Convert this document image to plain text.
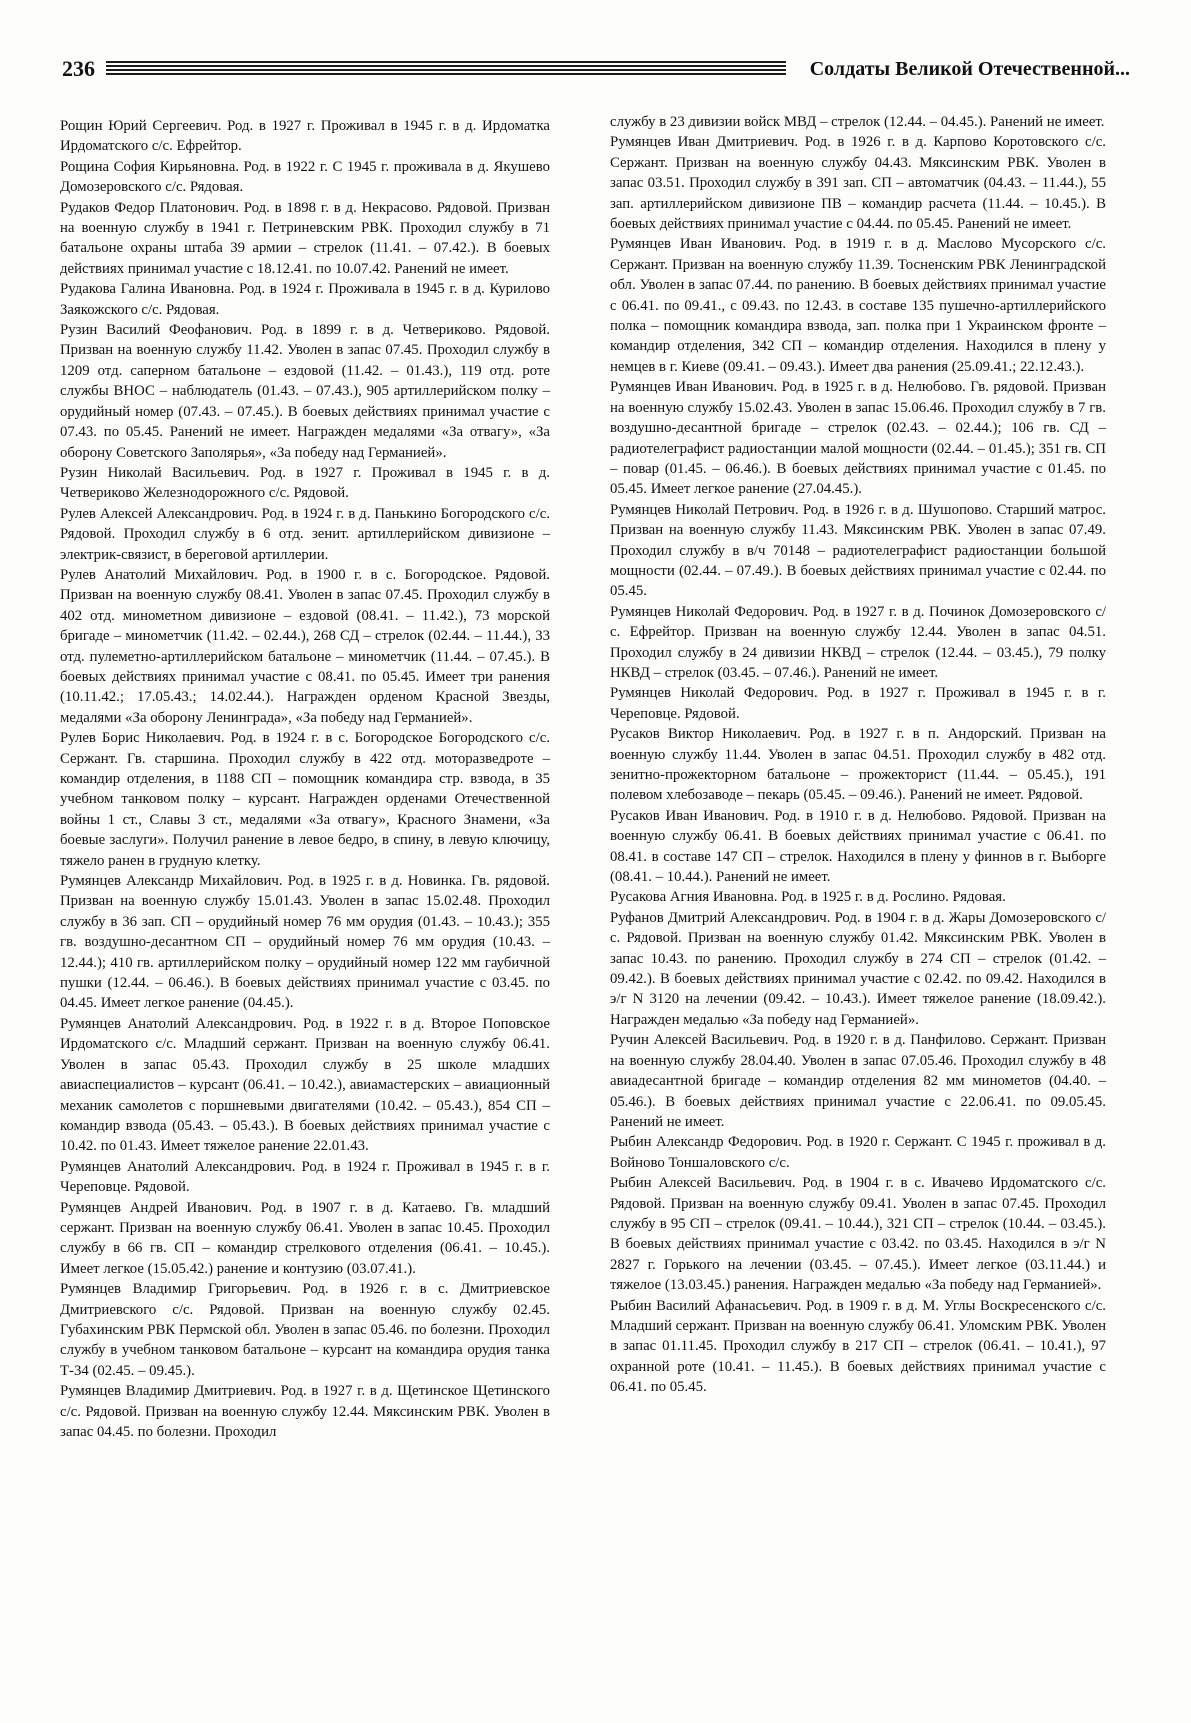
236	Солдаты Великой Отечественной...

Рощин Юрий Сергеевич. Род. в 1927 г. Проживал в 1945 г. в д. Ирдоматка Ирдоматского с/с. Ефрейтор.

Рощина София Кирьяновна. Род. в 1922 г. С 1945 г. проживала в д. Якушево Домозеровского с/с. Рядовая.

Рудаков Федор Платонович. Род. в 1898 г. в д. Некрасово. Рядовой. Призван на военную службу в 1941 г. Петриневским РВК. Проходил службу в 71 батальоне охраны штаба 39 армии – стрелок (11.41. – 07.42.). В боевых действиях принимал участие с 18.12.41. по 10.07.42. Ранений не имеет.

Рудакова Галина Ивановна. Род. в 1924 г. Проживала в 1945 г. в д. Курилово Заякожского с/с. Рядовая.

Рузин Василий Феофанович. Род. в 1899 г. в д. Четвериково. Рядовой. Призван на военную службу 11.42. Уволен в запас 07.45. Проходил службу в 1209 отд. саперном батальоне – ездовой (11.42. – 01.43.), 119 отд. роте службы ВНОС – наблюдатель (01.43. – 07.43.), 905 артиллерийском полку – орудийный номер (07.43. – 07.45.). В боевых действиях принимал участие с 07.43. по 05.45. Ранений не имеет. Награжден медалями «За отвагу», «За оборону Советского Заполярья», «За победу над Германией».

Рузин Николай Васильевич. Род. в 1927 г. Проживал в 1945 г. в д. Четвериково Железнодорожного с/с. Рядовой.

Рулев Алексей Александрович. Род. в 1924 г. в д. Панькино Богородского с/с. Рядовой. Проходил службу в 6 отд. зенит. артиллерийском дивизионе – электрик-связист, в береговой артиллерии.

Рулев Анатолий Михайлович. Род. в 1900 г. в с. Богородское. Рядовой. Призван на военную службу 08.41. Уволен в запас 07.45. Проходил службу в 402 отд. минометном дивизионе – ездовой (08.41. – 11.42.), 73 морской бригаде – минометчик (11.42. – 02.44.), 268 СД – стрелок (02.44. – 11.44.), 33 отд. пулеметно-артиллерийском батальоне – минометчик (11.44. – 07.45.). В боевых действиях принимал участие с 08.41. по 05.45. Имеет три ранения (10.11.42.; 17.05.43.; 14.02.44.). Награжден орденом Красной Звезды, медалями «За оборону Ленинграда», «За победу над Германией».

Рулев Борис Николаевич. Род. в 1924 г. в с. Богородское Богородского с/с. Сержант. Гв. старшина. Проходил службу в 422 отд. моторазведроте – командир отделения, в 1188 СП – помощник командира стр. взвода, в 35 учебном танковом полку – курсант. Награжден орденами Отечественной войны 1 ст., Славы 3 ст., медалями «За отвагу», Красного Знамени, «За боевые заслуги». Получил ранение в левое бедро, в спину, в левую ключицу, тяжело ранен в грудную клетку.

Румянцев Александр Михайлович. Род. в 1925 г. в д. Новинка. Гв. рядовой. Призван на военную службу 15.01.43. Уволен в запас 15.02.48. Проходил службу в 36 зап. СП – орудийный номер 76 мм орудия (01.43. – 10.43.); 355 гв. воздушно-десантном СП – орудийный номер 76 мм орудия (10.43. – 12.44.); 410 гв. артиллерийском полку – орудийный номер 122 мм гаубичной пушки (12.44. – 06.46.). В боевых действиях принимал участие с 03.45. по 04.45. Имеет легкое ранение (04.45.).

Румянцев Анатолий Александрович. Род. в 1922 г. в д. Второе Поповское Ирдоматского с/с. Младший сержант. Призван на военную службу 06.41. Уволен в запас 05.43. Проходил службу в 25 школе младших авиаспециалистов – курсант (06.41. – 10.42.), авиамастерских – авиационный механик самолетов с поршневыми двигателями (10.42. – 05.43.), 854 СП – командир взвода (05.43. – 05.43.). В боевых действиях принимал участие с 10.42. по 01.43. Имеет тяжелое ранение 22.01.43.

Румянцев Анатолий Александрович. Род. в 1924 г. Проживал в 1945 г. в г. Череповце. Рядовой.

Румянцев Андрей Иванович. Род. в 1907 г. в д. Катаево. Гв. младший сержант. Призван на военную службу 06.41. Уволен в запас 10.45. Проходил службу в 66 гв. СП – командир стрелкового отделения (06.41. – 10.45.). Имеет легкое (15.05.42.) ранение и контузию (03.07.41.).

Румянцев Владимир Григорьевич. Род. в 1926 г. в с. Дмитриевское Дмитриевского с/с. Рядовой. Призван на военную службу 02.45. Губахинским РВК Пермской обл. Уволен в запас 05.46. по болезни. Проходил службу в учебном танковом батальоне – курсант на командира орудия танка Т-34 (02.45. – 09.45.).

Румянцев Владимир Дмитриевич. Род. в 1927 г. в д. Щетинское Щетинского с/с. Рядовой. Призван на военную службу 12.44. Мяксинским РВК. Уволен в запас 04.45. по болезни. Проходил

службу в 23 дивизии войск МВД – стрелок (12.44. – 04.45.). Ранений не имеет.

Румянцев Иван Дмитриевич. Род. в 1926 г. в д. Карпово Коротовского с/с. Сержант. Призван на военную службу 04.43. Мяксинским РВК. Уволен в запас 03.51. Проходил службу в 391 зап. СП – автоматчик (04.43. – 11.44.), 55 зап. артиллерийском дивизионе ПВ – командир расчета (11.44. – 10.45.). В боевых действиях принимал участие с 04.44. по 05.45. Ранений не имеет.

Румянцев Иван Иванович. Род. в 1919 г. в д. Маслово Мусорского с/с. Сержант. Призван на военную службу 11.39. Тосненским РВК Ленинградской обл. Уволен в запас 07.44. по ранению. В боевых действиях принимал участие с 06.41. по 09.41., с 09.43. по 12.43. в составе 135 пушечно-артиллерийского полка – помощник командира взвода, зап. полка при 1 Украинском фронте – командир отделения, 342 СП – командир отделения. Находился в плену у немцев в г. Киеве (09.41. – 09.43.). Имеет два ранения (25.09.41.; 22.12.43.).

Румянцев Иван Иванович. Род. в 1925 г. в д. Нелюбово. Гв. рядовой. Призван на военную службу 15.02.43. Уволен в запас 15.06.46. Проходил службу в 7 гв. воздушно-десантной бригаде – стрелок (02.43. – 02.44.); 106 гв. СД – радиотелеграфист радиостанции малой мощности (02.44. – 01.45.); 351 гв. СП – повар (01.45. – 06.46.). В боевых действиях принимал участие с 01.45. по 05.45. Имеет легкое ранение (27.04.45.).

Румянцев Николай Петрович. Род. в 1926 г. в д. Шушопово. Старший матрос. Призван на военную службу 11.43. Мяксинским РВК. Уволен в запас 07.49. Проходил службу в в/ч 70148 – радиотелеграфист радиостанции большой мощности (02.44. – 07.49.). В боевых действиях принимал участие с 02.44. по 05.45.

Румянцев Николай Федорович. Род. в 1927 г. в д. Починок Домозеровского с/с. Ефрейтор. Призван на военную службу 12.44. Уволен в запас 04.51. Проходил службу в 24 дивизии НКВД – стрелок (12.44. – 03.45.), 79 полку НКВД – стрелок (03.45. – 07.46.). Ранений не имеет.

Румянцев Николай Федорович. Род. в 1927 г. Проживал в 1945 г. в г. Череповце. Рядовой.

Русаков Виктор Николаевич. Род. в 1927 г. в п. Андорский. Призван на военную службу 11.44. Уволен в запас 04.51. Проходил службу в 482 отд. зенитно-прожекторном батальоне – прожекторист (11.44. – 05.45.), 191 полевом хлебозаводе – пекарь (05.45. – 09.46.). Ранений не имеет. Рядовой.

Русаков Иван Иванович. Род. в 1910 г. в д. Нелюбово. Рядовой. Призван на военную службу 06.41. В боевых действиях принимал участие с 06.41. по 08.41. в составе 147 СП – стрелок. Находился в плену у финнов в г. Выборге (08.41. – 10.44.). Ранений не имеет.

Русакова Агния Ивановна. Род. в 1925 г. в д. Рослино. Рядовая.

Руфанов Дмитрий Александрович. Род. в 1904 г. в д. Жары Домозеровского с/с. Рядовой. Призван на военную службу 01.42. Мяксинским РВК. Уволен в запас 10.43. по ранению. Проходил службу в 274 СП – стрелок (01.42. – 09.42.). В боевых действиях принимал участие с 02.42. по 09.42. Находился в э/г N 3120 на лечении (09.42. – 10.43.). Имеет тяжелое ранение (18.09.42.). Награжден медалью «За победу над Германией».

Ручин Алексей Васильевич. Род. в 1920 г. в д. Панфилово. Сержант. Призван на военную службу 28.04.40. Уволен в запас 07.05.46. Проходил службу в 48 авиадесантной бригаде – командир отделения 82 мм минометов (04.40. – 05.46.). В боевых действиях принимал участие с 22.06.41. по 09.05.45. Ранений не имеет.

Рыбин Александр Федорович. Род. в 1920 г. Сержант. С 1945 г. проживал в д. Войново Тоншаловского с/с.

Рыбин Алексей Васильевич. Род. в 1904 г. в с. Ивачево Ирдоматского с/с. Рядовой. Призван на военную службу 09.41. Уволен в запас 07.45. Проходил службу в 95 СП – стрелок (09.41. – 10.44.), 321 СП – стрелок (10.44. – 03.45.). В боевых действиях принимал участие с 03.42. по 03.45. Находился в э/г N 2827 г. Горького на лечении (03.45. – 07.45.). Имеет легкое (03.11.44.) и тяжелое (13.03.45.) ранения. Награжден медалью «За победу над Германией».

Рыбин Василий Афанасьевич. Род. в 1909 г. в д. М. Углы Воскресенского с/с. Младший сержант. Призван на военную службу 06.41. Уломским РВК. Уволен в запас 01.11.45. Проходил службу в 217 СП – стрелок (06.41. – 10.41.), 97 охранной роте (10.41. – 11.45.). В боевых действиях принимал участие с 06.41. по 05.45.
